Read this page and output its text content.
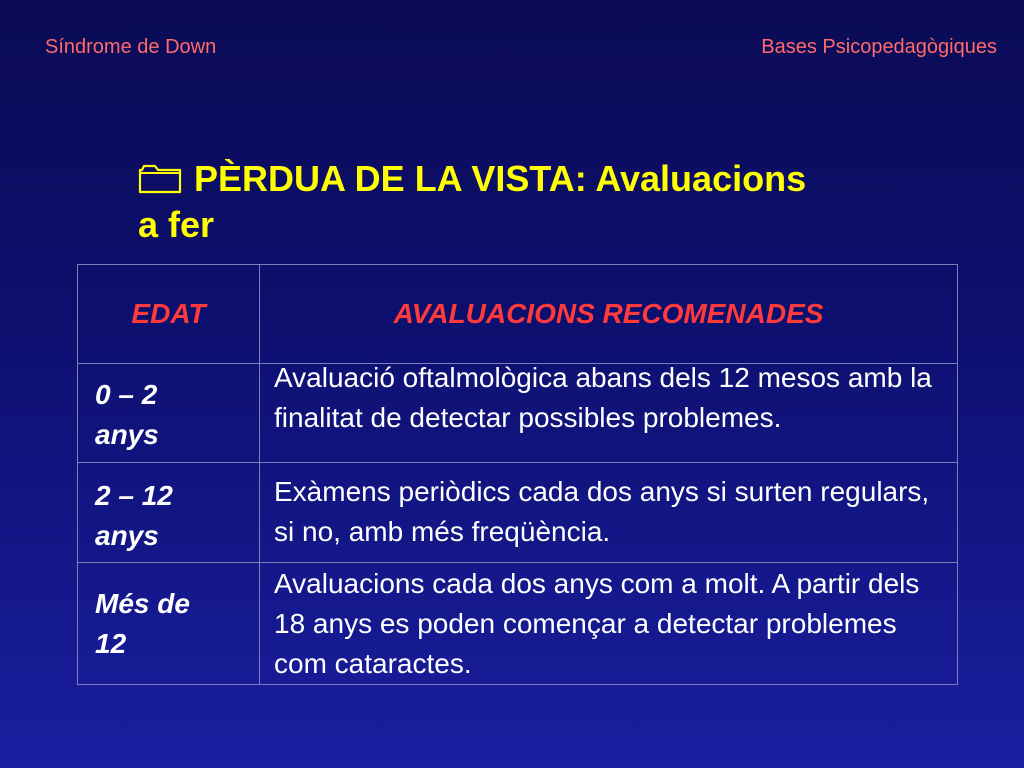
Síndrome de Down	Bases Psicopedagògiques
PÈRDUA DE LA VISTA: Avaluacions
a fer
EDAT	AVALUACIONS RECOMENADES

0 – 2
anys	Avaluació oftalmològica abans dels 12 mesos amb la finalitat de detectar possibles problemes.

2 – 12
anys	Exàmens periòdics cada dos anys si surten regulars, si no, amb més freqüència.

Més de
12	Avaluacions cada dos anys com a molt. A partir dels 18 anys es poden començar a detectar problemes com cataractes.
